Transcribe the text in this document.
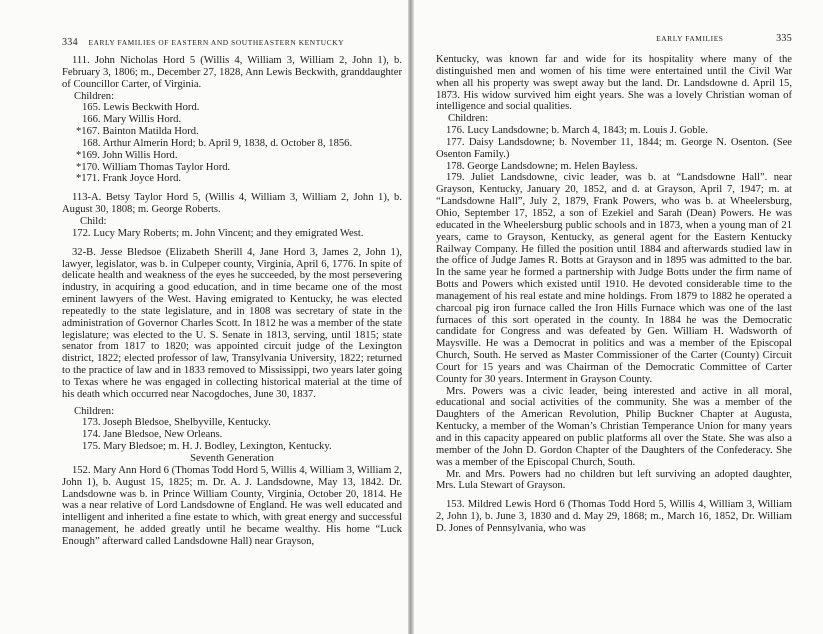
334 EARLY FAMILIES OF EASTERN AND SOUTHEASTERN KENTUCKY

111. John Nicholas Hord 5 (Willis 4, William 3, William 2, John 1), b. February 3, 1806; m., December 27, 1828, Ann Lewis Beckwith, granddaughter of Councillor Carter, of Virginia.

Children:
165. Lewis Beckwith Hord.
166. Mary Willis Hord.
*167. Bainton Matilda Hord.
168. Arthur Almerin Hord; b. April 9, 1838, d. October 8, 1856.
*169. John Willis Hord.
*170. William Thomas Taylor Hord.
*171. Frank Joyce Hord.

113-A. Betsy Taylor Hord 5, (Willis 4, William 3, William 2, John 1), b. August 30, 1808; m. George Roberts.

Child:

172. Lucy Mary Roberts; m. John Vincent; and they emigrated West.

32-B. Jesse Bledsoe (Elizabeth Sherill 4, Jane Hord 3, James 2, John 1), lawyer, legislator, was b. in Culpeper county, Virginia, April 6, 1776. In spite of delicate health and weakness of the eyes he succeeded, by the most persevering industry, in acquiring a good education, and in time became one of the most eminent lawyers of the West. Having emigrated to Kentucky, he was elected repeatedly to the state legislature, and in 1808 was secretary of state in the administration of Governor Charles Scott. In 1812 he was a member of the state legislature; was elected to the U. S. Senate in 1813, serving, until 1815; state senator from 1817 to 1820; was appointed circuit judge of the Lexington district, 1822; elected professor of law, Transylvania University, 1822; returned to the practice of law and in 1833 removed to Mississippi, two years later going to Texas where he was engaged in collecting historical material at the time of his death which occurred near Nacogdoches, June 30, 1837.

Children:
173. Joseph Bledsoe, Shelbyville, Kentucky.
174. Jane Bledsoe, New Orleans.
175. Mary Bledsoe; m. H. J. Bodley, Lexington, Kentucky.
Seventh Generation

152. Mary Ann Hord 6 (Thomas Todd Hord 5, Willis 4, William 3, William 2, John 1), b. August 15, 1825; m. Dr. A. J. Landsdowne, May 13, 1842. Dr. Landsdowne was b. in Prince William County, Virginia, October 20, 1814. He was a near relative of Lord Landsdowne of England. He was well educated and intelligent and inherited a fine estate to which, with great energy and successful management, he added greatly until he became wealthy. His home “Luck Enough” afterward called Landsdowne Hall) near Grayson,

EARLY FAMILIES	335

Kentucky, was known far and wide for its hospitality where many of the distinguished men and women of his time were entertained until the Civil War when all his property was swept away but the land. Dr. Landsdowne d. April 15, 1873. His widow survived him eight years. She was a lovely Christian woman of intelligence and social qualities.

Children:

176. Lucy Landsdowne; b. March 4, 1843; m. Louis J. Goble.

177. Daisy Landsdowne; b. November 11, 1844; m. George N. Osenton. (See Osenton Family.)

178. George Landsdowne; m. Helen Bayless.

179. Juliet Landsdowne, civic leader, was b. at “Landsdowne Hall”. near Grayson, Kentucky, January 20, 1852, and d. at Grayson, April 7, 1947; m. at “Landsdowne Hall”, July 2, 1879, Frank Powers, who was b. at Wheelersburg, Ohio, September 17, 1852, a son of Ezekiel and Sarah (Dean) Powers. He was educated in the Wheelersburg public schools and in 1873, when a young man of 21 years, came to Grayson, Kentucky, as general agent for the Eastern Kentucky Railway Company. He filled the position until 1884 and afterwards studied law in the office of Judge James R. Botts at Grayson and in 1895 was admitted to the bar. In the same year he formed a partnership with Judge Botts under the firm name of Botts and Powers which existed until 1910. He devoted considerable time to the management of his real estate and mine holdings. From 1879 to 1882 he operated a charcoal pig iron furnace called the Iron Hills Furnace which was one of the last furnaces of this sort operated in the county. In 1884 he was the Democratic candidate for Congress and was defeated by Gen. William H. Wadsworth of Maysville. He was a Democrat in politics and was a member of the Episcopal Church, South. He served as Master Commissioner of the Carter (County) Circuit Court for 15 years and was Chairman of the Democratic Committee of Carter County for 30 years. Interment in Grayson County.

Mrs. Powers was a civic leader, being interested and active in all moral, educational and social activities of the community. She was a member of the Daughters of the American Revolution, Philip Buckner Chapter at Augusta, Kentucky, a member of the Woman’s Christian Temperance Union for many years and in this capacity appeared on public platforms all over the State. She was also a member of the John D. Gordon Chapter of the Daughters of the Confederacy. She was a member of the Episcopal Church, South.

Mr. and Mrs. Powers had no children but left surviving an adopted daughter, Mrs. Lula Stewart of Grayson.

153. Mildred Lewis Hord 6 (Thomas Todd Hord 5, Willis 4, William 3, William 2, John 1), b. June 3, 1830 and d. May 29, 1868; m., March 16, 1852, Dr. William D. Jones of Pennsylvania, who was
